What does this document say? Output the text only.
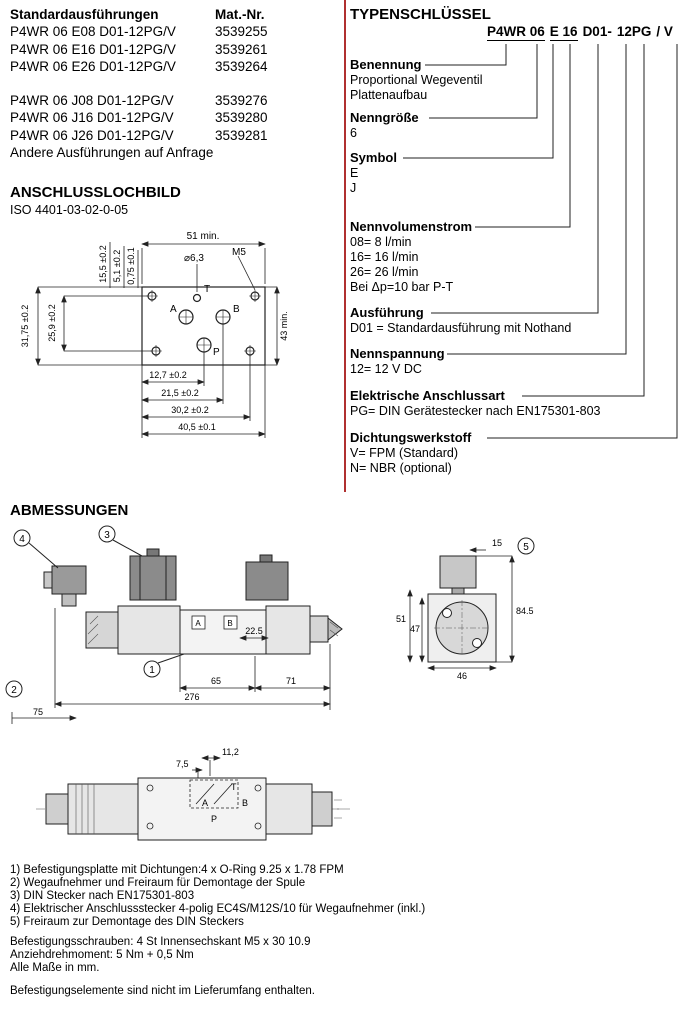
Standardausführungen	Mat.-Nr.
P4WR 06 E08 D01-12PG/V	3539255
P4WR 06 E16 D01-12PG/V	3539261
P4WR 06 E26 D01-12PG/V	3539264
P4WR 06 J08 D01-12PG/V	3539276
P4WR 06 J16 D01-12PG/V	3539280
P4WR 06 J26 D01-12PG/V	3539281
Andere Ausführungen auf Anfrage
ANSCHLUSSLOCHBILD
ISO 4401-03-02-0-05
51 min.
M5
⌀6,3
15,5 ±0.2 5,1 ±0.2 0,75 ±0.1
31,75 ±0.2 25,9 ±0.2	43 min.
12,7 ±0.2
21,5 ±0.2
30,2 ±0.2
40,5 ±0.1
T
A	B
P
TYPENSCHLÜSSEL
P4WR 06 E 16 D01- 12PG / V
Benennung
Proportional Wegeventil
Plattenaufbau
Nenngröße
6
Symbol
E
J
Nennvolumenstrom
08= 8 l/min
16= 16 l/min
26= 26 l/min
Bei Δp=10 bar P-T
Ausführung
D01 = Standardausführung mit Nothand
Nennspannung
12= 12 V DC
Elektrische Anschlussart
PG= DIN Gerätestecker nach EN175301-803
Dichtungswerkstoff
V= FPM (Standard)
N= NBR (optional)
ABMESSUNGEN
A	B
4	3
1
2
22.5
65	71
276
75
5
15
84.5
51
47
46
T
A	B
P
11,2
7,5
1) Befestigungsplatte mit Dichtungen:4 x O-Ring 9.25 x 1.78 FPM
2) Wegaufnehmer und Freiraum für Demontage der Spule
3) DIN Stecker nach EN175301-803
4) Elektrischer Anschlussstecker 4-polig EC4S/M12S/10 für Wegaufnehmer (inkl.)
5) Freiraum zur Demontage des DIN Steckers
Befestigungsschrauben: 4 St Innensechskant M5 x 30 10.9
Anziehdrehmoment: 5 Nm + 0,5 Nm
Alle Maße in mm.
Befestigungselemente sind nicht im Lieferumfang enthalten.
